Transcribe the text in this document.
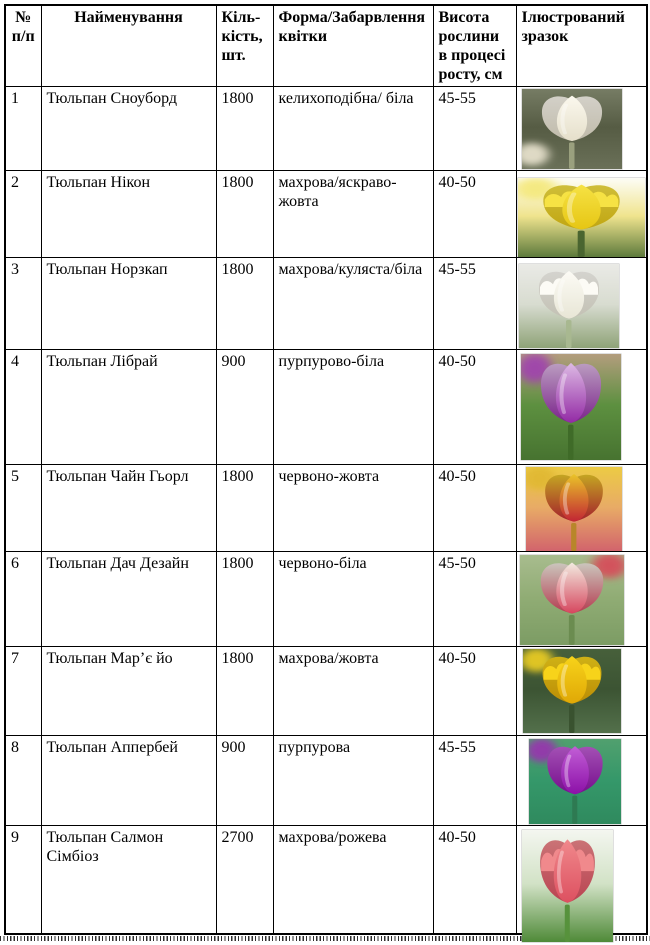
№ п/п	Найменування	Кіль-кість, шт.	Форма/Забарвлення квітки	Висота рослини в процесі росту, см	Ілюстрований зразок
1	Тюльпан Сноуборд	1800	келихоподібна/ біла	45-55	

2	Тюльпан Нікон	1800	махрова/яскраво-жовта	40-50	

3	Тюльпан Норзкап	1800	махрова/куляста/біла	45-55	

4	Тюльпан Лібрай	900	пурпурово-біла	40-50	

5	Тюльпан Чайн Гьорл	1800	червоно-жовта	40-50	

6	Тюльпан Дач Дезайн	1800	червоно-біла	45-50	

7	Тюльпан Мар’є йо	1800	махрова/жовта	40-50	

8	Тюльпан Аппербей	900	пурпурова	45-55	

9	Тюльпан Салмон Сімбіоз	2700	махрова/рожева	40-50	
